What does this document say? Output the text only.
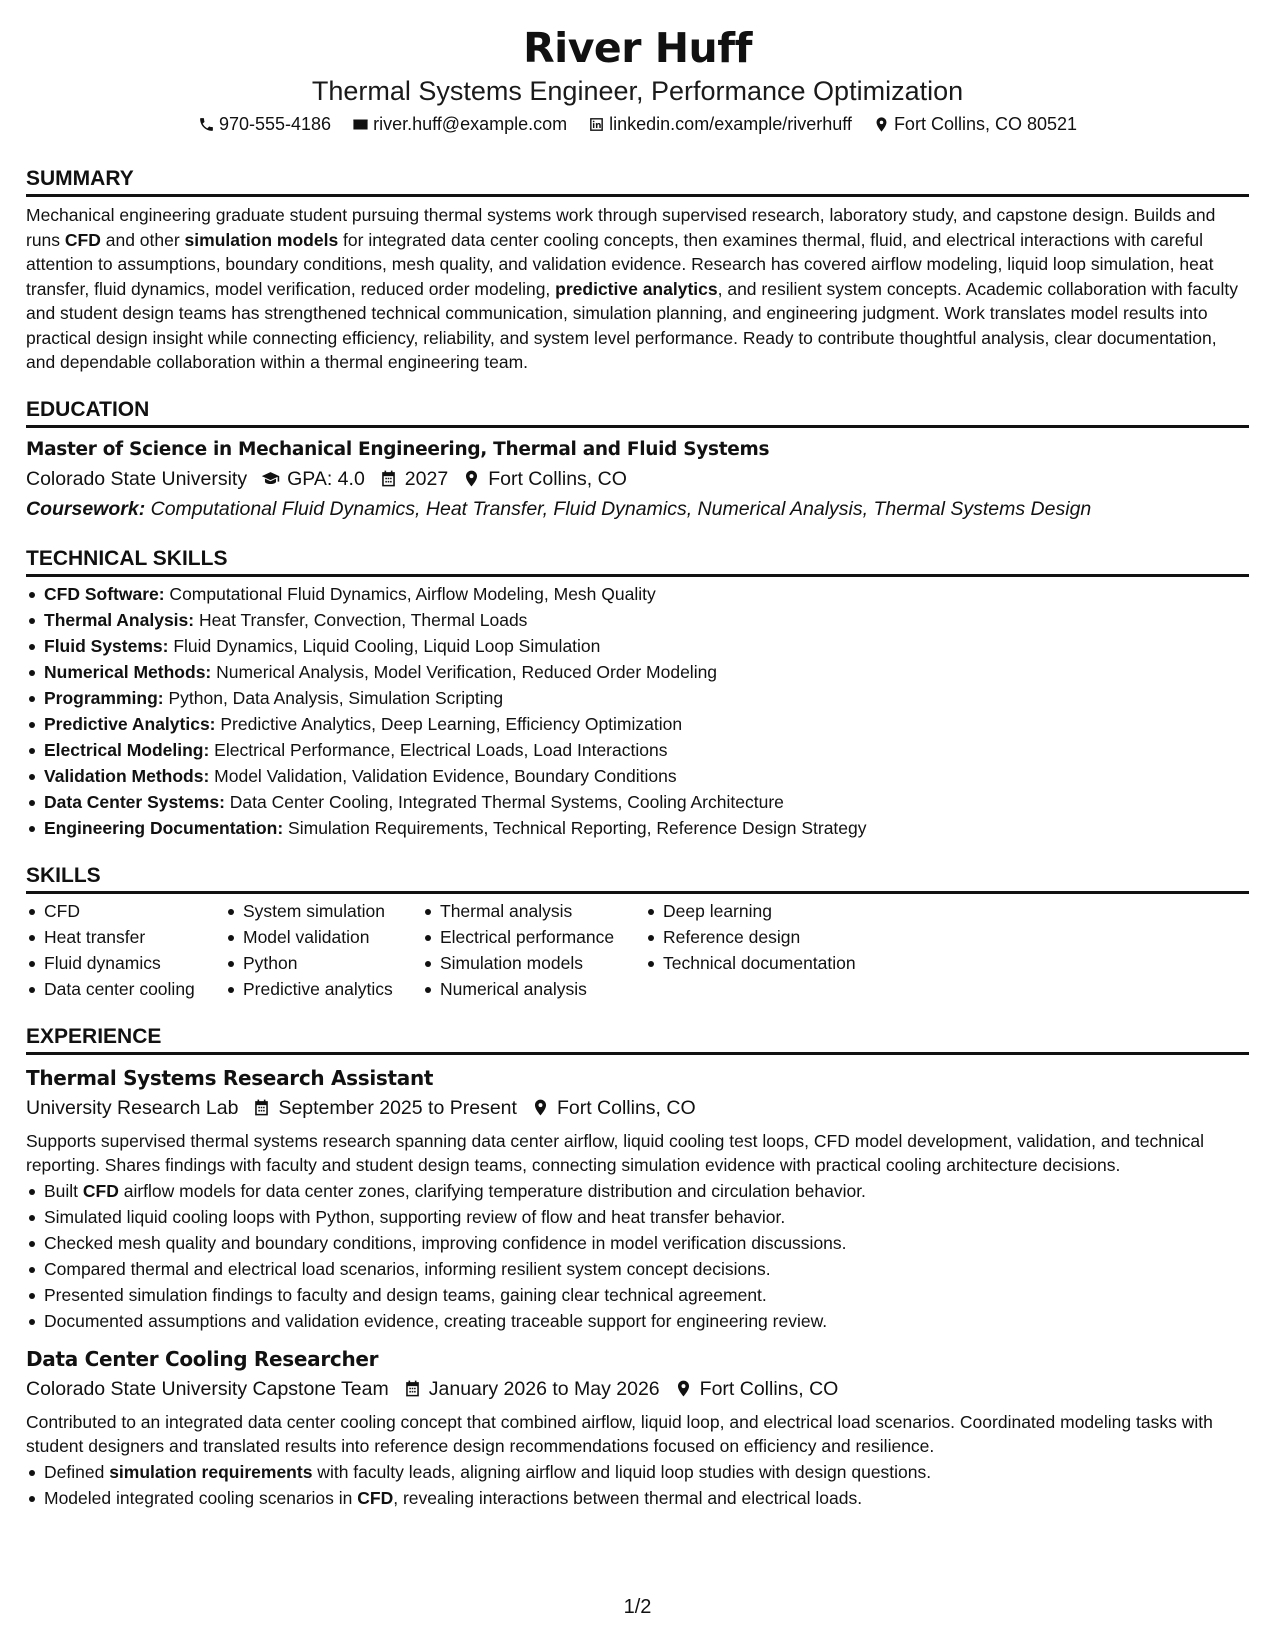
River Huff
Thermal Systems Engineer, Performance Optimization
970-555-4186
river.huff@example.com
linkedin.com/example/riverhuff
Fort Collins, CO 80521
SUMMARY

Mechanical engineering graduate student pursuing thermal systems work through supervised research, laboratory study, and capstone design. Builds and runs CFD and other simulation models for integrated data center cooling concepts, then examines thermal, fluid, and electrical interactions with careful attention to assumptions, boundary conditions, mesh quality, and validation evidence. Research has covered airflow modeling, liquid loop simulation, heat transfer, fluid dynamics, model verification, reduced order modeling, predictive analytics, and resilient system concepts. Academic collaboration with faculty and student design teams has strengthened technical communication, simulation planning, and engineering judgment. Work translates model results into practical design insight while connecting efficiency, reliability, and system level performance. Ready to contribute thoughtful analysis, clear documentation, and dependable collaboration within a thermal engineering team.

EDUCATION
Master of Science in Mechanical Engineering, Thermal and Fluid Systems
Colorado State University GPA: 4.0 2027 Fort Collins, CO
Coursework: Computational Fluid Dynamics, Heat Transfer, Fluid Dynamics, Numerical Analysis, Thermal Systems Design
TECHNICAL SKILLS
CFD Software: Computational Fluid Dynamics, Airflow Modeling, Mesh Quality
Thermal Analysis: Heat Transfer, Convection, Thermal Loads
Fluid Systems: Fluid Dynamics, Liquid Cooling, Liquid Loop Simulation
Numerical Methods: Numerical Analysis, Model Verification, Reduced Order Modeling
Programming: Python, Data Analysis, Simulation Scripting
Predictive Analytics: Predictive Analytics, Deep Learning, Efficiency Optimization
Electrical Modeling: Electrical Performance, Electrical Loads, Load Interactions
Validation Methods: Model Validation, Validation Evidence, Boundary Conditions
Data Center Systems: Data Center Cooling, Integrated Thermal Systems, Cooling Architecture
Engineering Documentation: Simulation Requirements, Technical Reporting, Reference Design Strategy
SKILLS
CFD
Heat transfer
Fluid dynamics
Data center cooling
System simulation
Model validation
Python
Predictive analytics
Thermal analysis
Electrical performance
Simulation models
Numerical analysis
Deep learning
Reference design
Technical documentation
EXPERIENCE
Thermal Systems Research Assistant
University Research Lab September 2025 to Present Fort Collins, CO

Supports supervised thermal systems research spanning data center airflow, liquid cooling test loops, CFD model development, validation, and technical reporting. Shares findings with faculty and student design teams, connecting simulation evidence with practical cooling architecture decisions.

Built CFD airflow models for data center zones, clarifying temperature distribution and circulation behavior.
Simulated liquid cooling loops with Python, supporting review of flow and heat transfer behavior.
Checked mesh quality and boundary conditions, improving confidence in model verification discussions.
Compared thermal and electrical load scenarios, informing resilient system concept decisions.
Presented simulation findings to faculty and design teams, gaining clear technical agreement.
Documented assumptions and validation evidence, creating traceable support for engineering review.
Data Center Cooling Researcher
Colorado State University Capstone Team January 2026 to May 2026 Fort Collins, CO

Contributed to an integrated data center cooling concept that combined airflow, liquid loop, and electrical load scenarios. Coordinated modeling tasks with student designers and translated results into reference design recommendations focused on efficiency and resilience.

Defined simulation requirements with faculty leads, aligning airflow and liquid loop studies with design questions.
Modeled integrated cooling scenarios in CFD, revealing interactions between thermal and electrical loads.
1/2
